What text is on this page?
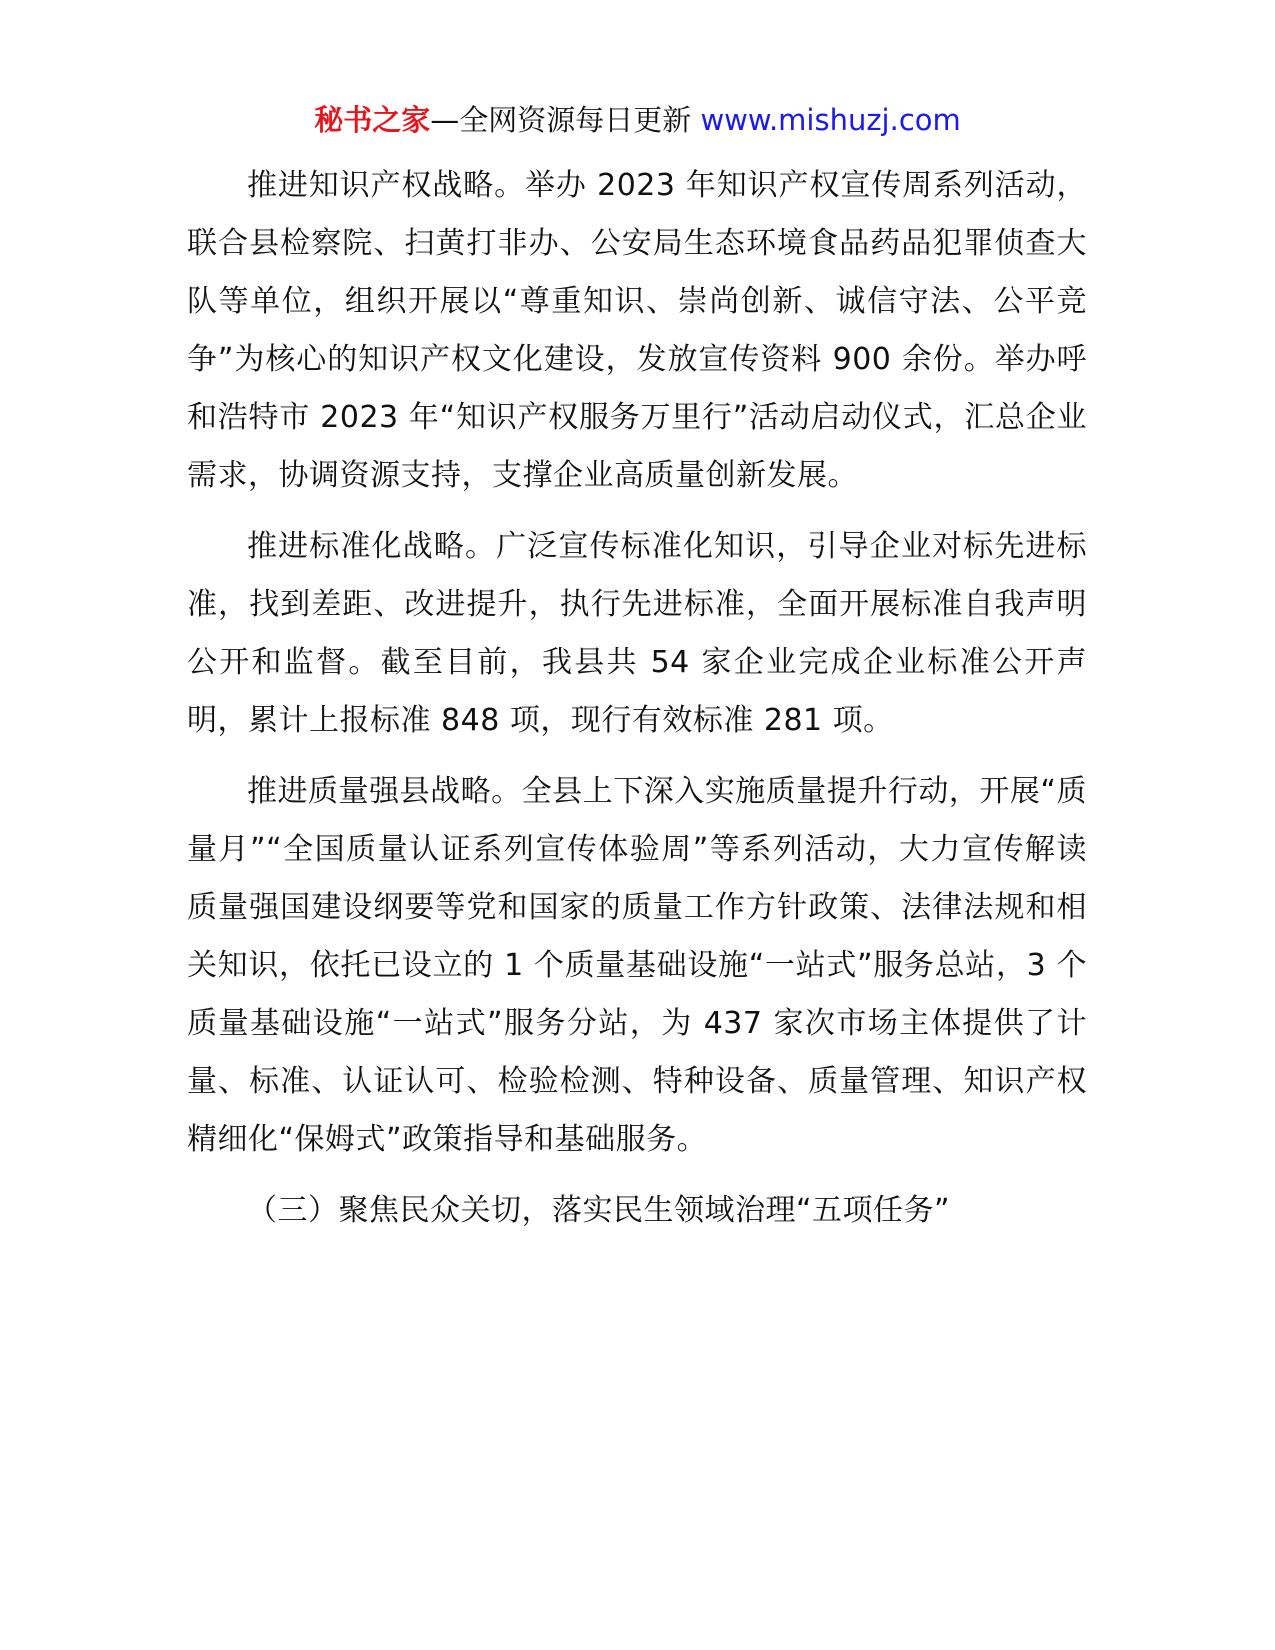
秘书之家—全网资源每日更新 www.mishuzj.com

推进知识产权战略。举办 2023 年知识产权宣传周系列活动，联合县检察院、扫黄打非办、公安局生态环境食品药品犯罪侦查大队等单位，组织开展以“尊重知识、崇尚创新、诚信守法、公平竞争”为核心的知识产权文化建设，发放宣传资料 900 余份。举办呼和浩特市 2023 年“知识产权服务万里行”活动启动仪式，汇总企业需求，协调资源支持，支撑企业高质量创新发展。

推进标准化战略。广泛宣传标准化知识，引导企业对标先进标准，找到差距、改进提升，执行先进标准，全面开展标准自我声明公开和监督。截至目前，我县共 54 家企业完成企业标准公开声明，累计上报标准 848 项，现行有效标准 281 项。

推进质量强县战略。全县上下深入实施质量提升行动，开展“质量月”“全国质量认证系列宣传体验周”等系列活动，大力宣传解读质量强国建设纲要等党和国家的质量工作方针政策、法律法规和相关知识，依托已设立的 1 个质量基础设施“一站式”服务总站，3 个质量基础设施“一站式”服务分站，为 437 家次市场主体提供了计量、标准、认证认可、检验检测、特种设备、质量管理、知识产权精细化“保姆式”政策指导和基础服务。

（三）聚焦民众关切，落实民生领域治理“五项任务”
